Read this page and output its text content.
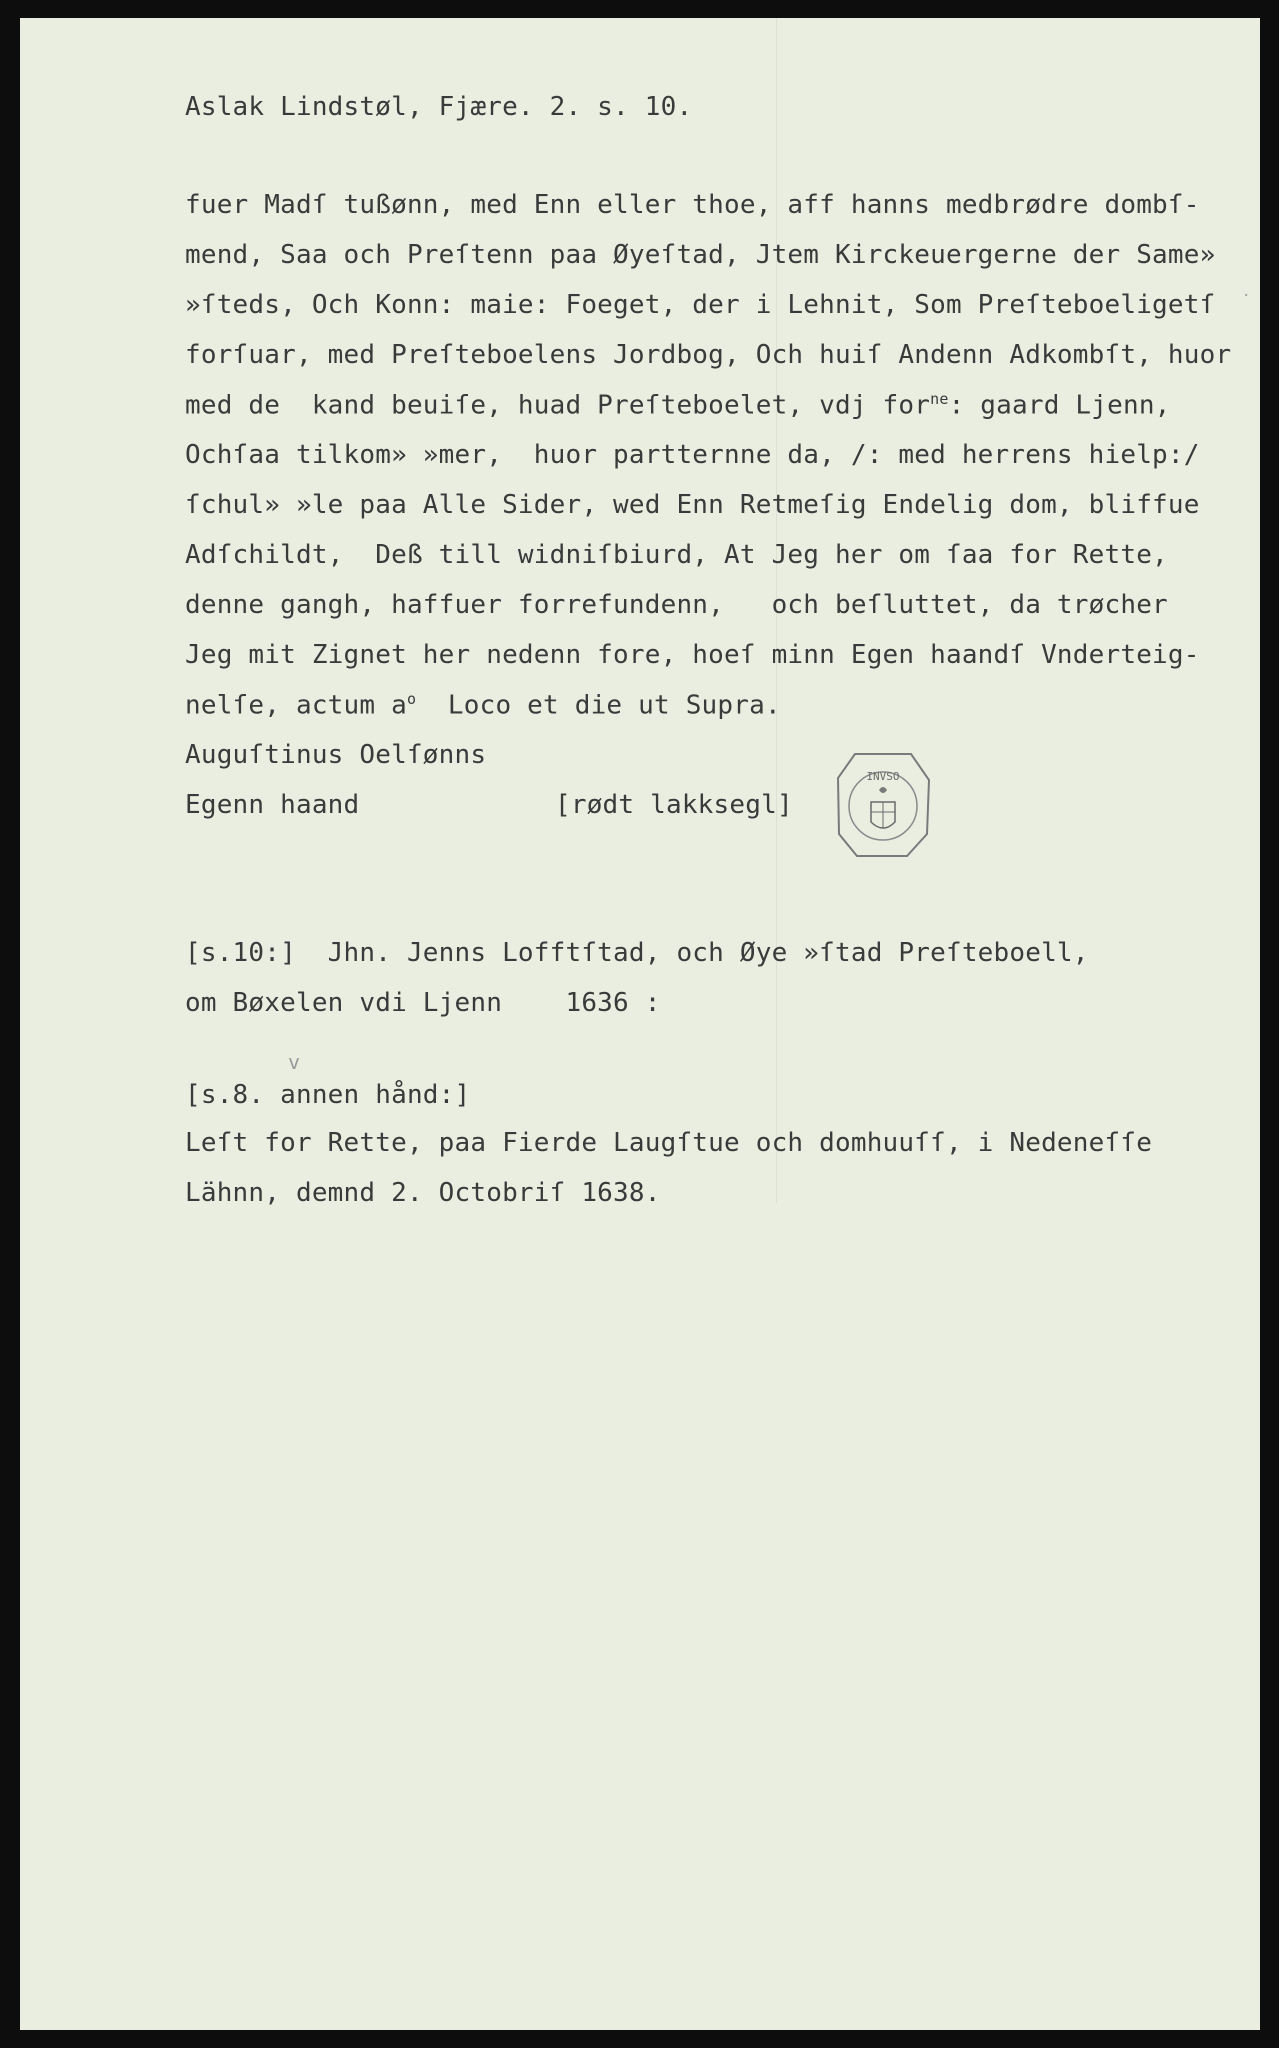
Aslak Lindstøl, Fjære. 2. s. 10.
fuer Madſ tußønn, med Enn eller thoe, aff hanns medbrødre dombſ-
mend, Saa och Preſtenn paa Øyeſtad, Jtem Kirckeuergerne der Same»
»ſteds, Och Konn: maie: Foeget, der i Lehnit, Som Preſteboeligetſ
forſuar, med Preſteboelens Jordbog, Och huiſ Andenn Adkombſt, huor
med de  kand beuiſe, huad Preſteboelet, vdj for$^{ne}$: gaard Ljenn,
Ochſaa tilkom» »mer,  huor partternne da, /: med herrens hielp:/
ſchul» »le paa Alle Sider, wed Enn Retmeſig Endelig dom, bliffue
Adſchildt,  Deß till widniſbiurd, At Jeg her om ſaa for Rette,
denne gangh, haffuer forrefundenn,   och beſluttet, da trøcher
Jeg mit Zignet her nedenn fore, hoeſ minn Egen haandſ Vnderteig-
nelſe, actum $a^o$  Loco et die ut Supra.
Auguſtinus Oelſønns
Egenn haand	[rødt lakksegl]
INVSO
[s.10:]  Jhn. Jenns Lofftſtad, och Øye »ſtad Preſteboell,
om Bøxelen vdi Ljenn    1636 :
v
[s.8. annen hånd:]
Leſt for Rette, paa Fierde Laugſtue och domhuuſſ, i Nedeneſſe
Lähnn, demnd 2. Octobriſ 1638.
·
